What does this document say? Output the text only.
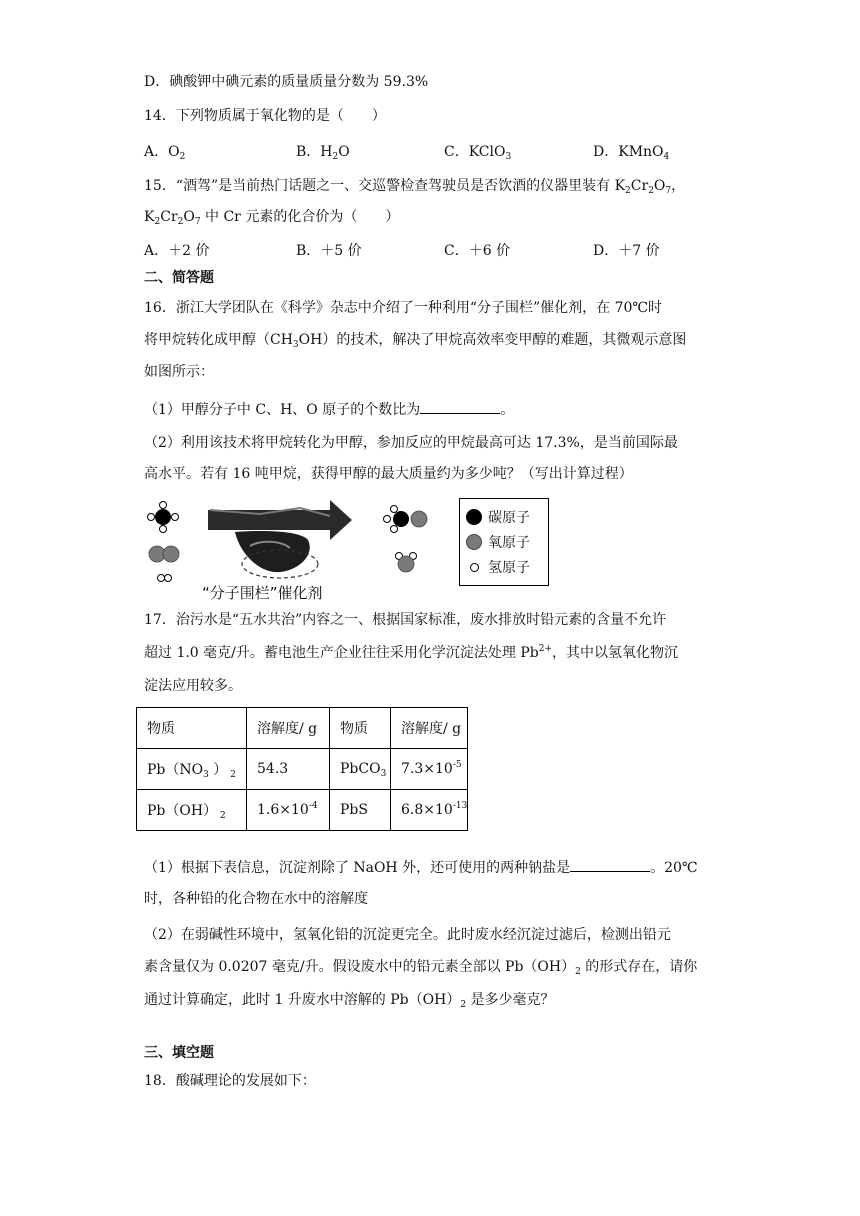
D．碘酸钾中碘元素的质量质量分数为 59.3%
14．下列物质属于氧化物的是（　　）
A．$O_2$	B．$H_2O$	C．KClO$_3$	D．KMnO$_4$
15．“酒驾”是当前热门话题之一、交巡警检查驾驶员是否饮酒的仪器里装有 $K_2Cr_2O_7$，
$K_2Cr_2O_7$ 中 Cr 元素的化合价为（　　）
A．＋2 价	B．＋5 价	C．＋6 价	D．＋7 价
二、简答题
16．浙江大学团队在《科学》杂志中介绍了一种利用“分子围栏”催化剂，在 70℃时
将甲烷转化成甲醇$(CH_3OH)$的技术，解决了甲烷高效率变甲醇的难题，其微观示意图
如图所示：
（1）甲醇分子中 C、H、O 原子的个数比为	。
（2）利用该技术将甲烷转化为甲醇，参加反应的甲烷最高可达 17.3%，是当前国际最
高水平。若有 16 吨甲烷，获得甲醇的最大质量约为多少吨？（写出计算过程）
“分子围栏”催化剂
碳原子
氧原子
氢原子
17．治污水是“五水共治”内容之一、根据国家标准，废水排放时铅元素的含量不允许
超过 1.0 毫克/升。蓄电池生产企业往往采用化学沉淀法处理 $Pb^{2+}$，其中以氢氧化物沉
淀法应用较多。
物质	溶解度/ g	物质	溶解度/ g
$Pb(NO_3$ ） $_2$	54.3	PbCO$_3$	$7.3\times 10^{-5}$
Pb（OH） $_2$	$1.6\times 10^{-4}$	PbS	$6.8\times 10^{-13}$
（1）根据下表信息，沉淀剂除了 NaOH 外，还可使用的两种钠盐是	。20℃
时，各种铅的化合物在水中的溶解度
（2）在弱碱性环境中，氢氧化铅的沉淀更完全。此时废水经沉淀过滤后，检测出铅元
素含量仅为 0.0207 毫克/升。假设废水中的铅元素全部以 $Pb(OH)_2$ 的形式存在，请你
通过计算确定，此时 1 升废水中溶解的 $Pb(OH)_2$ 是多少毫克？
三、填空题
18．酸碱理论的发展如下：
